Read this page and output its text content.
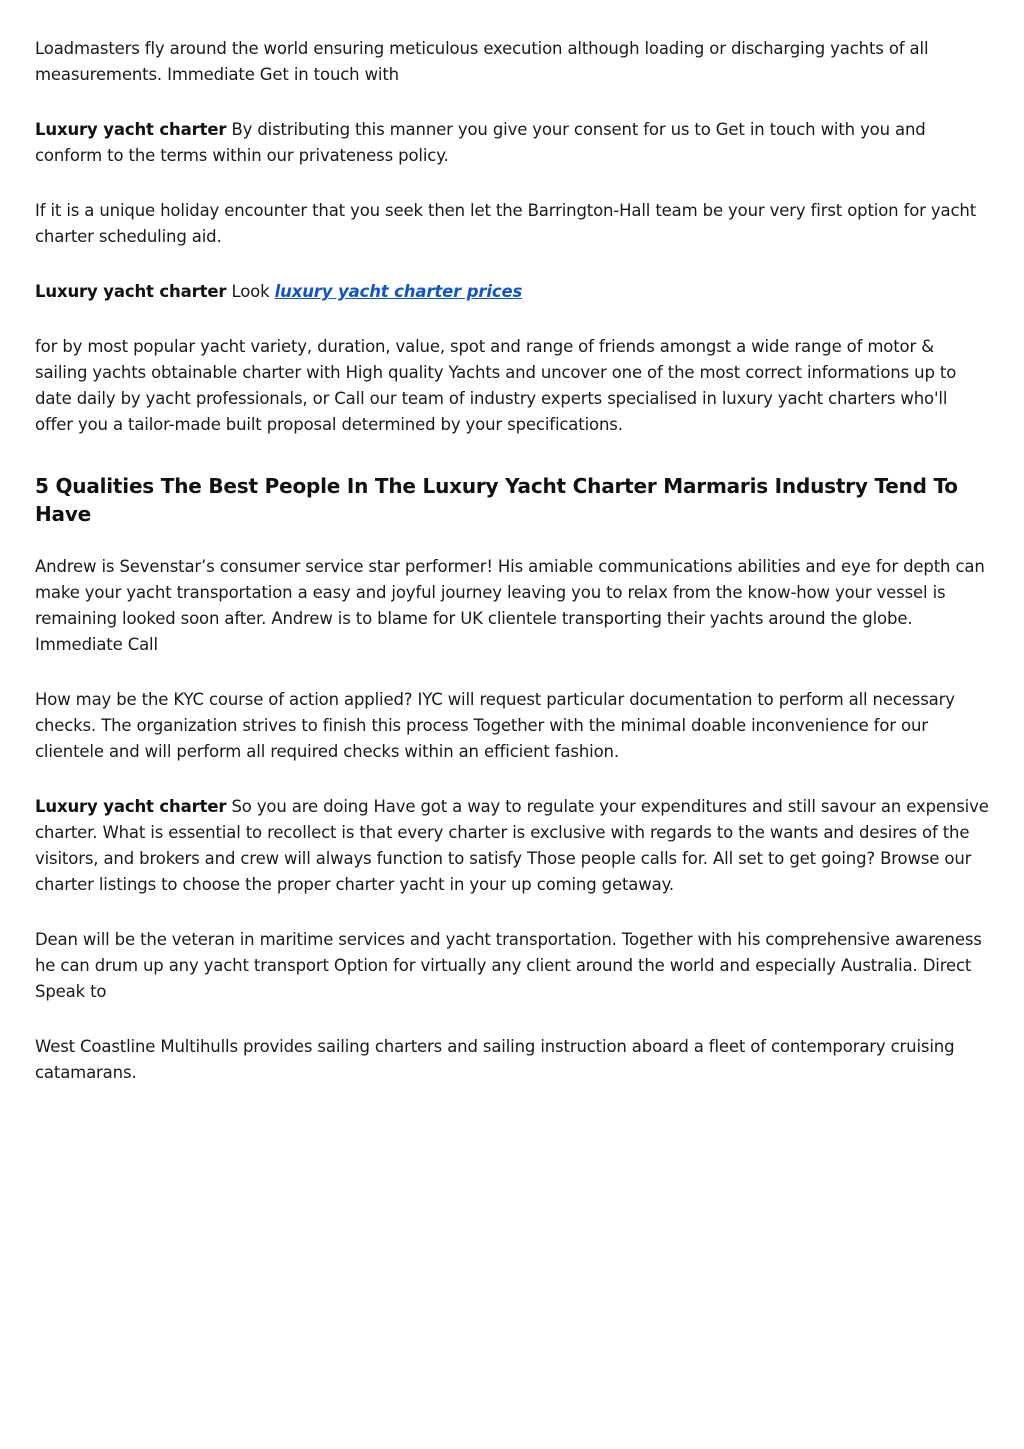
Loadmasters fly around the world ensuring meticulous execution although loading or discharging yachts of all measurements. Immediate Get in touch with

Luxury yacht charter By distributing this manner you give your consent for us to Get in touch with you and conform to the terms within our privateness policy.

If it is a unique holiday encounter that you seek then let the Barrington-Hall team be your very first option for yacht charter scheduling aid.

Luxury yacht charter Look luxury yacht charter prices

for by most popular yacht variety, duration, value, spot and range of friends amongst a wide range of motor & sailing yachts obtainable charter with High quality Yachts and uncover one of the most correct informations up to date daily by yacht professionals, or Call our team of industry experts specialised in luxury yacht charters who'll offer you a tailor-made built proposal determined by your specifications.

5 Qualities The Best People In The Luxury Yacht Charter Marmaris Industry Tend To Have

Andrew is Sevenstar’s consumer service star performer! His amiable communications abilities and eye for depth can make your yacht transportation a easy and joyful journey leaving you to relax from the know-how your vessel is remaining looked soon after. Andrew is to blame for UK clientele transporting their yachts around the globe. Immediate Call

How may be the KYC course of action applied? IYC will request particular documentation to perform all necessary checks. The organization strives to finish this process Together with the minimal doable inconvenience for our clientele and will perform all required checks within an efficient fashion.

Luxury yacht charter So you are doing Have got a way to regulate your expenditures and still savour an expensive charter. What is essential to recollect is that every charter is exclusive with regards to the wants and desires of the visitors, and brokers and crew will always function to satisfy Those people calls for. All set to get going? Browse our charter listings to choose the proper charter yacht in your up coming getaway.

Dean will be the veteran in maritime services and yacht transportation. Together with his comprehensive awareness he can drum up any yacht transport Option for virtually any client around the world and especially Australia. Direct Speak to

West Coastline Multihulls provides sailing charters and sailing instruction aboard a fleet of contemporary cruising catamarans.
